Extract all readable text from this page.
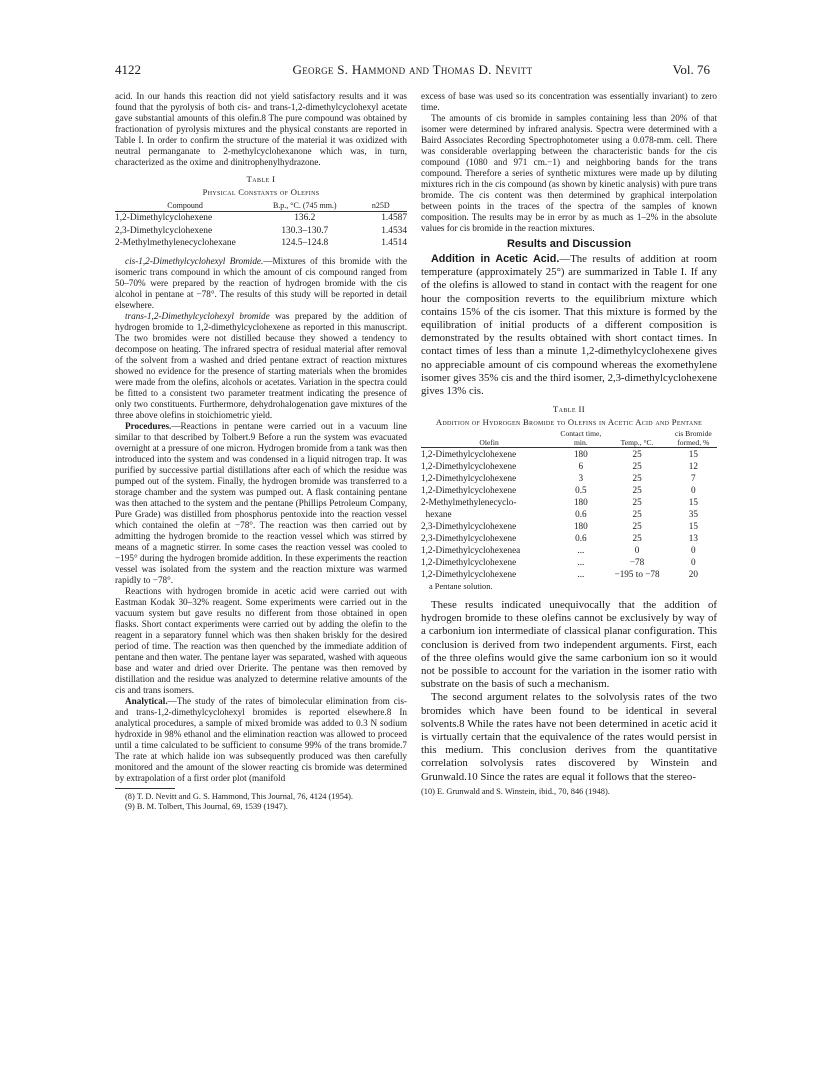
4122	George S. Hammond and Thomas D. Nevitt	Vol. 76

acid. In our hands this reaction did not yield satisfactory results and it was found that the pyrolysis of both cis- and trans-1,2-dimethylcyclohexyl acetate gave substantial amounts of this olefin.8 The pure compound was obtained by fractionation of pyrolysis mixtures and the physical constants are reported in Table I. In order to confirm the structure of the material it was oxidized with neutral permanganate to 2-methylcyclohexanone which was, in turn, characterized as the oxime and dinitrophenylhydrazone.

Table I
Physical Constants of Olefins
Compound	B.p., °C. (745 mm.)	n25D
1,2-Dimethylcyclohexene	136.2	1.4587
2,3-Dimethylcyclohexene	130.3–130.7	1.4534
2-Methylmethylenecyclohexane	124.5–124.8	1.4514

cis-1,2-Dimethylcyclohexyl Bromide.—Mixtures of this bromide with the isomeric trans compound in which the amount of cis compound ranged from 50–70% were prepared by the reaction of hydrogen bromide with the cis alcohol in pentane at −78°. The results of this study will be reported in detail elsewhere.

trans-1,2-Dimethylcyclohexyl bromide was prepared by the addition of hydrogen bromide to 1,2-dimethylcyclohexene as reported in this manuscript. The two bromides were not distilled because they showed a tendency to decompose on heating. The infrared spectra of residual material after removal of the solvent from a washed and dried pentane extract of reaction mixtures showed no evidence for the presence of starting materials when the bromides were made from the olefins, alcohols or acetates. Variation in the spectra could be fitted to a consistent two parameter treatment indicating the presence of only two constituents. Furthermore, dehydrohalogenation gave mixtures of the three above olefins in stoichiometric yield.

Procedures.—Reactions in pentane were carried out in a vacuum line similar to that described by Tolbert.9 Before a run the system was evacuated overnight at a pressure of one micron. Hydrogen bromide from a tank was then introduced into the system and was condensed in a liquid nitrogen trap. It was purified by successive partial distillations after each of which the residue was pumped out of the system. Finally, the hydrogen bromide was transferred to a storage chamber and the system was pumped out. A flask containing pentane was then attached to the system and the pentane (Phillips Petroleum Company, Pure Grade) was distilled from phosphorus pentoxide into the reaction vessel which contained the olefin at −78°. The reaction was then carried out by admitting the hydrogen bromide to the reaction vessel which was stirred by means of a magnetic stirrer. In some cases the reaction vessel was cooled to −195° during the hydrogen bromide addition. In these experiments the reaction vessel was isolated from the system and the reaction mixture was warmed rapidly to −78°.

Reactions with hydrogen bromide in acetic acid were carried out with Eastman Kodak 30–32% reagent. Some experiments were carried out in the vacuum system but gave results no different from those obtained in open flasks. Short contact experiments were carried out by adding the olefin to the reagent in a separatory funnel which was then shaken briskly for the desired period of time. The reaction was then quenched by the immediate addition of pentane and then water. The pentane layer was separated, washed with aqueous base and water and dried over Drierite. The pentane was then removed by distillation and the residue was analyzed to determine relative amounts of the cis and trans isomers.

Analytical.—The study of the rates of bimolecular elimination from cis- and trans-1,2-dimethylcyclohexyl bromides is reported elsewhere.8 In analytical procedures, a sample of mixed bromide was added to 0.3 N sodium hydroxide in 98% ethanol and the elimination reaction was allowed to proceed until a time calculated to be sufficient to consume 99% of the trans bromide.7 The rate at which halide ion was subsequently produced was then carefully monitored and the amount of the slower reacting cis bromide was determined by extrapolation of a first order plot (manifold

(8) T. D. Nevitt and G. S. Hammond, This Journal, 76, 4124 (1954).

(9) B. M. Tolbert, This Journal, 69, 1539 (1947).

excess of base was used so its concentration was essentially invariant) to zero time.

The amounts of cis bromide in samples containing less than 20% of that isomer were determined by infrared analysis. Spectra were determined with a Baird Associates Recording Spectrophotometer using a 0.078-mm. cell. There was considerable overlapping between the characteristic bands for the cis compound (1080 and 971 cm.−1) and neighboring bands for the trans compound. Therefore a series of synthetic mixtures were made up by diluting mixtures rich in the cis compound (as shown by kinetic analysis) with pure trans bromide. The cis content was then determined by graphical interpolation between points in the traces of the spectra of the samples of known composition. The results may be in error by as much as 1–2% in the absolute values for cis bromide in the reaction mixtures.

Results and Discussion

Addition in Acetic Acid.—The results of addition at room temperature (approximately 25°) are summarized in Table I. If any of the olefins is allowed to stand in contact with the reagent for one hour the composition reverts to the equilibrium mixture which contains 15% of the cis isomer. That this mixture is formed by the equilibration of initial products of a different composition is demonstrated by the results obtained with short contact times. In contact times of less than a minute 1,2-dimethylcyclohexene gives no appreciable amount of cis compound whereas the exomethylene isomer gives 35% cis and the third isomer, 2,3-dimethylcyclohexene gives 13% cis.

Table II
Addition of Hydrogen Bromide to Olefins in Acetic Acid and Pentane
Olefin	Contact time, min.	Temp., °C.	cis Bromide formed, %
1,2-Dimethylcyclohexene	180	25	15
1,2-Dimethylcyclohexene	6	25	12
1,2-Dimethylcyclohexene	3	25	7
1,2-Dimethylcyclohexene	0.5	25	0
2-Methylmethylenecyclo-	180	25	15
hexane	0.6	25	35
2,3-Dimethylcyclohexene	180	25	15
2,3-Dimethylcyclohexene	0.6	25	13
1,2-Dimethylcyclohexenea	...	0	0
1,2-Dimethylcyclohexene	...	−78	0
1,2-Dimethylcyclohexene	...	−195 to −78	20

a Pentane solution.

These results indicated unequivocally that the addition of hydrogen bromide to these olefins cannot be exclusively by way of a carbonium ion intermediate of classical planar configuration. This conclusion is derived from two independent arguments. First, each of the three olefins would give the same carbonium ion so it would not be possible to account for the variation in the isomer ratio with substrate on the basis of such a mechanism.

The second argument relates to the solvolysis rates of the two bromides which have been found to be identical in several solvents.8 While the rates have not been determined in acetic acid it is virtually certain that the equivalence of the rates would persist in this medium. This conclusion derives from the quantitative correlation solvolysis rates discovered by Winstein and Grunwald.10 Since the rates are equal it follows that the stereo-

(10) E. Grunwald and S. Winstein, ibid., 70, 846 (1948).
